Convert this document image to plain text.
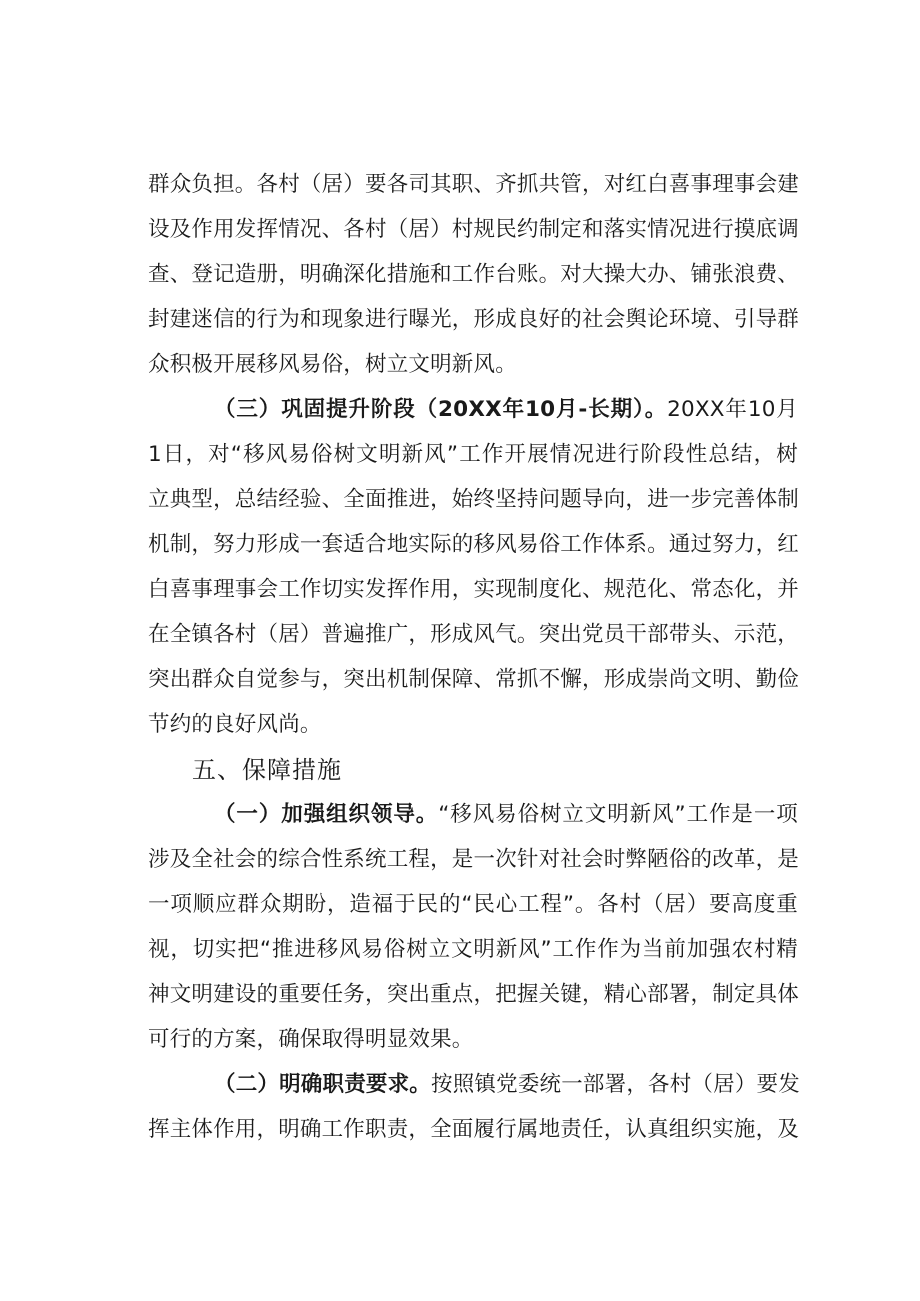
群众负担。各村（居）要各司其职、齐抓共管，对红白喜事理事会建
设及作用发挥情况、各村（居）村规民约制定和落实情况进行摸底调
查、登记造册，明确深化措施和工作台账。对大操大办、铺张浪费、
封建迷信的行为和现象进行曝光，形成良好的社会舆论环境、引导群
众积极开展移风易俗，树立文明新风。
（三）巩固提升阶段（20XX年10月-长期）。20XX年10月
1日，对“移风易俗树文明新风”工作开展情况进行阶段性总结，树
立典型，总结经验、全面推进，始终坚持问题导向，进一步完善体制
机制，努力形成一套适合地实际的移风易俗工作体系。通过努力，红
白喜事理事会工作切实发挥作用，实现制度化、规范化、常态化，并
在全镇各村（居）普遍推广，形成风气。突出党员干部带头、示范，
突出群众自觉参与，突出机制保障、常抓不懈，形成崇尚文明、勤俭
节约的良好风尚。
五、保障措施
（一）加强组织领导。“移风易俗树立文明新风”工作是一项
涉及全社会的综合性系统工程，是一次针对社会时弊陋俗的改革，是
一项顺应群众期盼，造福于民的“民心工程”。各村（居）要高度重
视，切实把“推进移风易俗树立文明新风”工作作为当前加强农村精
神文明建设的重要任务，突出重点，把握关键，精心部署，制定具体
可行的方案，确保取得明显效果。
（二）明确职责要求。按照镇党委统一部署，各村（居）要发
挥主体作用，明确工作职责，全面履行属地责任，认真组织实施，及
